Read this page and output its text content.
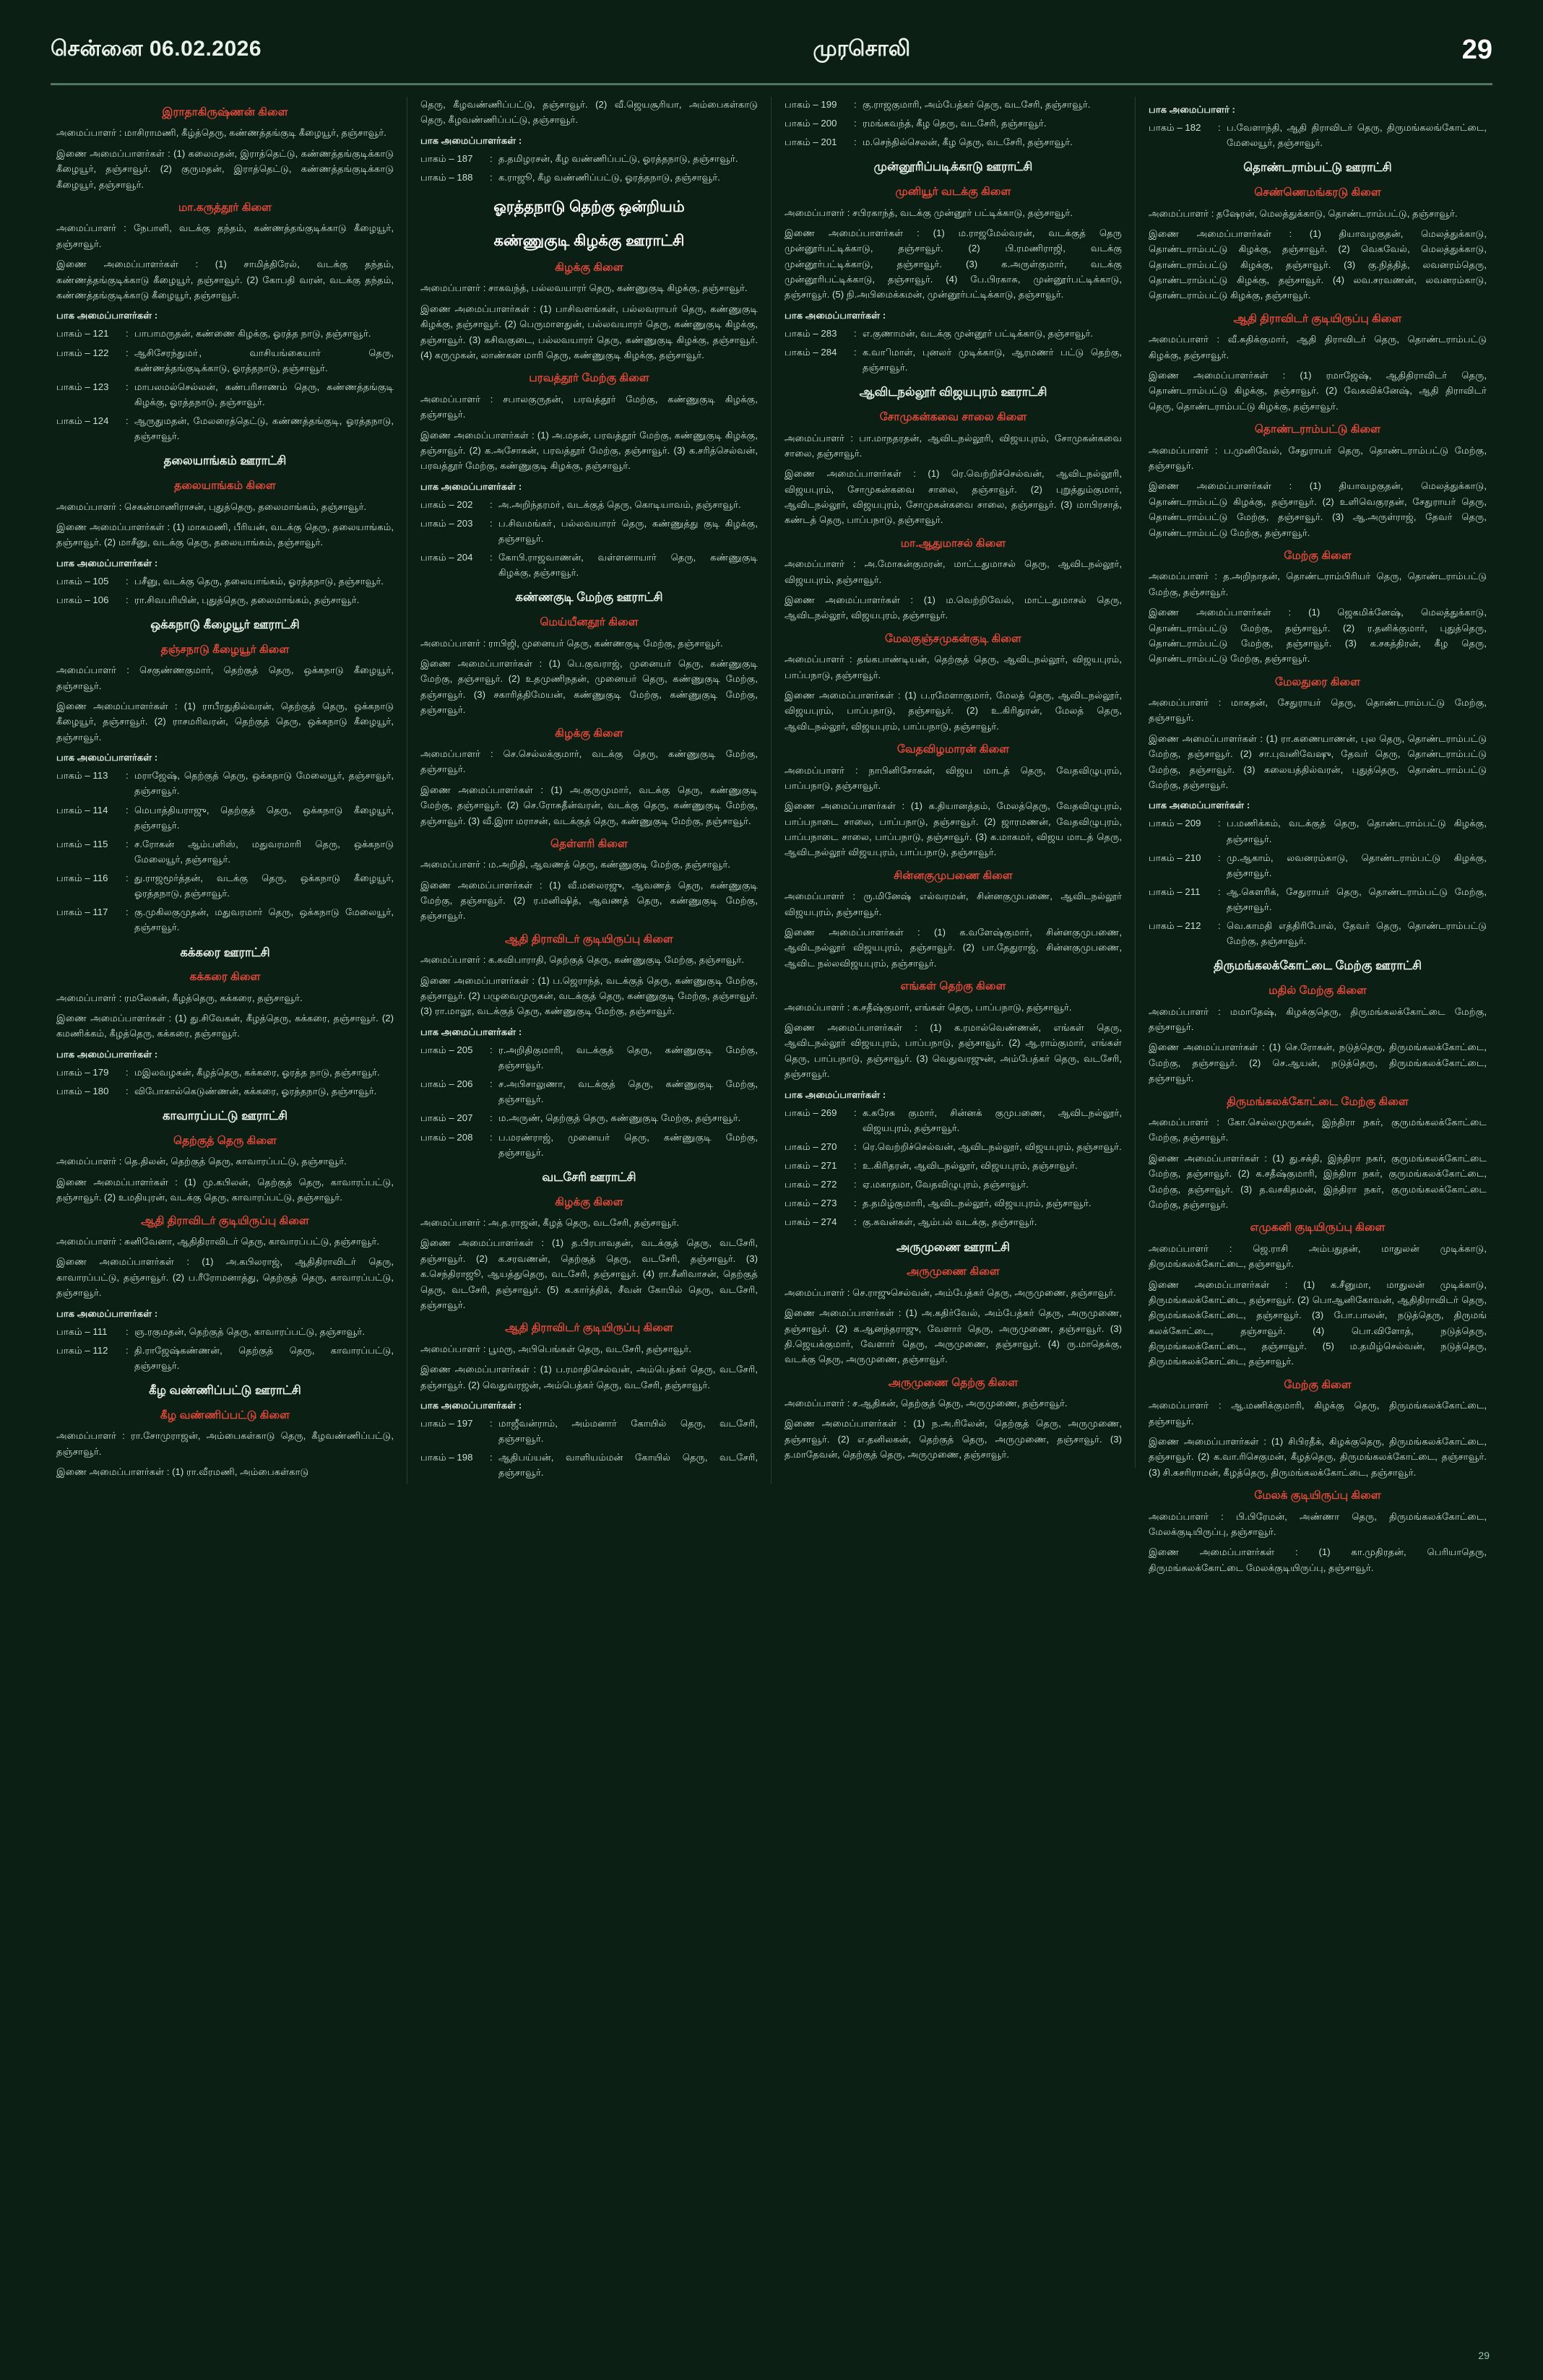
சென்னை 06.02.2026	முரசொலி	29
இராதாகிருஷ்ணன் கிளை
அமைப்பாளர் : மாசிராமணி, கீழ்த்தெரு, கண்ணத்தங்குடி கீழையூர், தஞ்சாவூர்.
இணை அமைப்பாளர்கள் : (1) கலைமதன், இராத்தெட்டு, கண்ணத்தங்குடிக்காடு கீழையூர், தஞ்சாவூர். (2) குருமதன், இராத்தெட்டு, கண்ணத்தங்குடிக்காடு கீழையூர், தஞ்சாவூர்.
மா.கருத்தூர் கிளை
அமைப்பாளர் : நேபாளி, வடக்கு தந்தம், கண்ணத்தங்குடிக்காடு கீழையூர், தஞ்சாவூர்.
இணை அமைப்பாளர்கள் : (1) சாமித்திரேல், வடக்கு தந்தம், கண்ணத்தங்குடிக்காடு கீழையூர், தஞ்சாவூர். (2) கோபதி வரன், வடக்கு தந்தம், கண்ணத்தங்குடிக்காடு கீழையூர், தஞ்சாவூர்.
பாக அமைப்பாளர்கள் :
பாகம் – 121	: பாபாமருதன், கண்ணை கிழக்கு, ஓரத்த நாடு, தஞ்சாவூர்.
பாகம் – 122	: ஆசிசேரந்துமா், வாசியங்கையார் தெரு, கண்ணத்தங்குடிக்காடு, ஓரத்தநாடு, தஞ்சாவூர்.
பாகம் – 123	: மாபலமல்செல்லன், கண்பரிசாணம் தெரு, கண்ணத்தங்குடி கிழக்கு, ஓரத்தநாடு, தஞ்சாவூர்.
பாகம் – 124	: ஆருதுமதன், மேலரைத்தெட்டு, கண்ணத்தங்குடி, ஓரத்தநாடு, தஞ்சாவூர்.
தலையாங்கம் ஊராட்சி
தலையாங்கம் கிளை
அமைப்பாளர் : செகன்மாணிராசன், புதுத்தெரு, தலைமாங்கம், தஞ்சாவூர்.
இணை அமைப்பாளர்கள் : (1) மாசுமணி, பீரியன், வடக்கு தெரு, தலையாங்கம், தஞ்சாவூர். (2) மாசீனு, வடக்கு தெரு, தலையாங்கம், தஞ்சாவூர்.
பாக அமைப்பாளர்கள் :
பாகம் – 105	: பசீனு, வடக்கு தெரு, தலையாங்கம், ஓரத்தநாடு, தஞ்சாவூர்.
பாகம் – 106	: ரா.சிவபரியின், புதுத்தெரு, தலைமாங்கம், தஞ்சாவூர்.
ஒக்கநாடு கீழையூர் ஊராட்சி
தஞ்சநாடு கீழையூர் கிளை
அமைப்பாளர் : செகுண்ணகுமார், தெற்குத் தெரு, ஒக்கநாடு கீழையூர், தஞ்சாவூர்.
இணை அமைப்பாளர்கள் : (1) ராபீரதுதில்வரன், தெற்குத் தெரு, ஒக்கநாடு கீழையூர், தஞ்சாவூர். (2) ராசமரிவரன், தெற்குத் தெரு, ஒக்கநாடு கீழையூர், தஞ்சாவூர்.
பாக அமைப்பாளர்கள் :
பாகம் – 113	: மராஜேஷ், தெற்குத் தெரு, ஒக்கநாடு மேலையூர், தஞ்சாவூர், தஞ்சாவூர்.
பாகம் – 114	: மெபாத்தியராஜு, தெற்குத் தெரு, ஒக்கநாடு கீழையூர், தஞ்சாவூர்.
பாகம் – 115	: ச.ரோகன் ஆம்பளிஸ், மதுவரமாரி தெரு, ஒக்கநாடு மேலையூர், தஞ்சாவூர்.
பாகம் – 116	: து.ராஜமூர்த்தன், வடக்கு தெரு, ஒக்கநாடு கீழையூர், ஓரத்தநாடு, தஞ்சாவூர்.
பாகம் – 117	: கு.முகிலகுமுதன், மதுவரமார் தெரு, ஒக்கநாடு மேலையூர், தஞ்சாவூர்.
கக்கரை ஊராட்சி
கக்கரை கிளை
அமைப்பாளர் : ரமலேகன், கீழத்தெரு, கக்கரை, தஞ்சாவூர்.
இணை அமைப்பாளர்கள் : (1) து.சிவேகன், கீழத்தெரு, கக்கரை, தஞ்சாவூர். (2) கமணிக்கம், கீழத்தெரு, கக்கரை, தஞ்சாவூர்.
பாக அமைப்பாளர்கள் :
பாகம் – 179	: மஇலவழகன், கீழத்தெரு, கக்கரை, ஓரத்த நாடு, தஞ்சாவூர்.
பாகம் – 180	: விபோகால்கெடுண்ணன், கக்கரை, ஓரத்தநாடு, தஞ்சாவூர்.
காவாரப்பட்டு ஊராட்சி
தெற்குத் தெரு கிளை
அமைப்பாளர் : தெ.திலன், தெற்குத் தெரு, காவாரப்பட்டு, தஞ்சாவூர்.
இணை அமைப்பாளர்கள் : (1) மு.கபிலன், தெற்குத் தெரு, காவாரப்பட்டு, தஞ்சாவூர். (2) உமதியுரன், வடக்கு தெரு, காவாரப்பட்டு, தஞ்சாவூர்.
ஆதி திராவிடர் குடியிருப்பு கிளை
அமைப்பாளர் : சுனிவேனா, ஆதிதிராவிடர் தெரு, காவாரப்பட்டு, தஞ்சாவூர்.
இணை அமைப்பாளர்கள் : (1) அ.கபிலராஜ், ஆதிதிராவிடர் தெரு, காவாரப்பட்டு, தஞ்சாவூர். (2) ப.ரீரோமனாத்து, தெற்குத் தெரு, காவாரப்பட்டு, தஞ்சாவூர்.
பாக அமைப்பாளர்கள் :
பாகம் – 111	: ஞ.ரகுமதன், தெற்குத் தெரு, காவாரப்பட்டு, தஞ்சாவூர்.
பாகம் – 112	: தி.ராஜேஷ்கண்ணன், தெற்குத் தெரு, காவாரப்பட்டு, தஞ்சாவூர்.
கீழ வண்ணிப்பட்டு ஊராட்சி
கீழ வண்ணிப்பட்டு கிளை
அமைப்பாளர் : ரா.சோமுராஜன், அம்பைகள்காடு தெரு, கீழவண்ணிப்பட்டு, தஞ்சாவூர்.
இணை அமைப்பாளர்கள் : (1) ரா.வீரமணி, அம்பைகள்காடு
தெரு, கீழவண்ணிப்பட்டு, தஞ்சாவூர். (2) வீ.ஜெயசூரியா, அம்பைகள்காடு தெரு, கீழவண்ணிப்பட்டு, தஞ்சாவூர்.
பாக அமைப்பாளர்கள் :
பாகம் – 187	: த.தமிழரசன், கீழ வண்ணிப்பட்டு, ஓரத்தநாடு, தஞ்சாவூர்.
பாகம் – 188	: க.ராஜூ, கீழ வண்ணிப்பட்டு, ஓரத்தநாடு, தஞ்சாவூர்.
ஓரத்தநாடு தெற்கு ஒன்றியம்
கண்ணுகுடி கிழக்கு ஊராட்சி
கிழக்கு கிளை
அமைப்பாளர் : சாகவந்த், பல்லவயாரர் தெரு, கண்ணுகுடி கிழக்கு, தஞ்சாவூர்.
இணை அமைப்பாளர்கள் : (1) பாசிவளங்கள், பல்லவராயர் தெரு, கண்ணுகுடி கிழக்கு, தஞ்சாவூர். (2) பெருமாளதுன், பல்லவயாரர் தெரு, கண்ணுகுடி கிழக்கு, தஞ்சாவூர். (3) கசிவகுடை, பல்லவயாரர் தெரு, கண்ணுகுடி கிழக்கு, தஞ்சாவூர். (4) கருமுகன், லாண்கன மாரி தெரு, கண்ணுகுடி கிழக்கு, தஞ்சாவூர்.
பரவத்தூர் மேற்கு கிளை
அமைப்பாளர் : சபாலகுருதன், பரவத்தூர் மேற்கு, கண்ணுகுடி கிழக்கு, தஞ்சாவூர்.
இணை அமைப்பாளர்கள் : (1) அ.மதன், பரவத்தூர் மேற்கு, கண்ணுகுடி கிழக்கு, தஞ்சாவூர். (2) க.அசோகன், பரவத்தூர் மேற்கு, தஞ்சாவூர். (3) க.சரித்செல்வன், பரவத்தூர் மேற்கு, கண்ணுகுடி கிழக்கு, தஞ்சாவூர்.
பாக அமைப்பாளர்கள் :
பாகம் – 202	: அ.அறிந்தரமா், வடக்குத் தெரு, கொடியாவம், தஞ்சாவூர்.
பாகம் – 203	: ப.சிவமங்கா், பல்லவயாரர் தெரு, கண்ணுத்து குடி கிழக்கு, தஞ்சாவூர்.
பாகம் – 204	: கோபி.ராஜவாணன், வள்ளனாயார் தெரு, கண்ணுகுடி கிழக்கு, தஞ்சாவூர்.
கண்ணகுடி மேற்கு ஊராட்சி
மெய்யீனதூர் கிளை
அமைப்பாளர் : ராபிஜி, முனையர் தெரு, கண்ணகுடி மேற்கு, தஞ்சாவூர்.
இணை அமைப்பாளர்கள் : (1) பெ.குவராஜ், முனையர் தெரு, கண்ணுகுடி மேற்கு, தஞ்சாவூர். (2) உதமுணிநதன், முனையர் தெரு, கண்ணுகுடி மேற்கு, தஞ்சாவூர். (3) சகாரித்திமேயன், கண்ணுகுடி மேற்கு, கண்ணுகுடி மேற்கு, தஞ்சாவூர்.
கிழக்கு கிளை
அமைப்பாளர் : செ.செல்லக்குமார், வடக்கு தெரு, கண்ணுகுடி மேற்கு, தஞ்சாவூர்.
இணை அமைப்பாளர்கள் : (1) அ.குருமுமார், வடக்கு தெரு, கண்ணுகுடி மேற்கு, தஞ்சாவூர். (2) செ.ரோசுதீன்வரன், வடக்கு தெரு, கண்ணுகுடி மேற்கு, தஞ்சாவூர். (3) வீ.இரா மராசன், வடக்குத் தெரு, கண்ணுகுடி மேற்கு, தஞ்சாவூர்.
தெள்ளரி கிளை
அமைப்பாளர் : ம.அறிதி, ஆவணத் தெரு, கண்ணுகுடி மேற்கு, தஞ்சாவூர்.
இணை அமைப்பாளர்கள் : (1) வீ.மலைரஜு, ஆவணத் தெரு, கண்ணுகுடி மேற்கு, தஞ்சாவூர். (2) ர.மனிஷித், ஆவணத் தெரு, கண்ணுகுடி மேற்கு, தஞ்சாவூர்.
ஆதி திராவிடர் குடியிருப்பு கிளை
அமைப்பாளர் : க.கவிபாராதி, தெற்குத் தெரு, கண்ணுகுடி மேற்கு, தஞ்சாவூர்.
இணை அமைப்பாளர்கள் : (1) ப.ஜெராந்த், வடக்குத் தெரு, கண்ணுகுடி மேற்கு, தஞ்சாவூர். (2) பழுவைமுருகன், வடக்குத் தெரு, கண்ணுகுடி மேற்கு, தஞ்சாவூர். (3) ரா.மாலூ, வடக்குத் தெரு, கண்ணுகுடி மேற்கு, தஞ்சாவூர்.
பாக அமைப்பாளர்கள் :
பாகம் – 205	: ர.அறிதிகுமாரி, வடக்குத் தெரு, கண்ணுகுடி மேற்கு, தஞ்சாவூர்.
பாகம் – 206	: ச.அபிசாலுணா, வடக்குத் தெரு, கண்ணுகுடி மேற்கு, தஞ்சாவூர்.
பாகம் – 207	: ம.அருண், தெற்குத் தெரு, கண்ணுகுடி மேற்கு, தஞ்சாவூர்.
பாகம் – 208	: ப.மரண்ராஜ், முனையர் தெரு, கண்ணுகுடி மேற்கு, தஞ்சாவூர்.
வடசேரி ஊராட்சி
கிழக்கு கிளை
அமைப்பாளர் : அ.த.ராஜன், கீழத் தெரு, வடசேரி, தஞ்சாவூர்.
இணை அமைப்பாளர்கள் : (1) த.பிரபாவதன், வடக்குத் தெரு, வடசேரி, தஞ்சாவூர். (2) க.சரவணன், தெற்குத் தெரு, வடசேரி, தஞ்சாவூர். (3) க.செந்திராஜூ, ஆயத்துதெரு, வடசேரி, தஞ்சாவூர். (4) ரா.சீனிவாசன், தெற்குத் தெரு, வடசேரி, தஞ்சாவூர். (5) க.கார்த்திக், சீவன் கோபில் தெரு, வடசேரி, தஞ்சாவூர்.
ஆதி திராவிடர் குடியிருப்பு கிளை
அமைப்பாளர் : பூமரு, அபிபெங்கள் தெரு, வடசேரி, தஞ்சாவூர்.
இணை அமைப்பாளர்கள் : (1) ப.ரமாதிசெல்வன், அம்பெத்கர் தெரு, வடசேரி, தஞ்சாவூர். (2) வெதுவரஜன், அம்பெத்கர் தெரு, வடசேரி, தஞ்சாவூர்.
பாக அமைப்பாளர்கள் :
பாகம் – 197	: மாஜீவன்ராம், அம்மனார் கோயில் தெரு, வடசேரி, தஞ்சாவூர்.
பாகம் – 198	: ஆதிபய்யன், வாளியம்மன் கோயில் தெரு, வடசேரி, தஞ்சாவூர்.
பாகம் – 199	: கு.ராஜகுமாரி, அம்பேத்கர் தெரு, வடசேரி, தஞ்சாவூர்.
பாகம் – 200	: ரமங்கவந்த், கீழ தெரு, வடசேரி, தஞ்சாவூர்.
பாகம் – 201	: ம.செந்தில்செலன், கீழ தெரு, வடசேரி, தஞ்சாவூர்.
முன்னூரிப்படிக்காடு ஊராட்சி
முனியூர் வடக்கு கிளை
அமைப்பாளர் : சபிரகாந்த், வடக்கு முன்னூர் பட்டிக்காடு, தஞ்சாவூர்.
இணை அமைப்பாளர்கள் : (1) ம.ராஜமேல்வரன், வடக்குத் தெரு முன்னூர்பட்டிக்காடு, தஞ்சாவூர். (2) பி.ரமணிராஜி, வடக்கு முன்னூர்பட்டிக்காடு, தஞ்சாவூர். (3) க.அருள்குமார், வடக்கு முன்னூரிபட்டிக்காடு, தஞ்சாவூர். (4) பே.பிரகாசு, முன்னூர்பட்டிக்காடு, தஞ்சாவூர். (5) நி.அபிமைக்கமன், முன்னூர்பட்டிக்காடு, தஞ்சாவூர்.
பாக அமைப்பாளர்கள் :
பாகம் – 283	: எ.குணாமன், வடக்கு முன்னூர் பட்டிக்காடு, தஞ்சாவூர்.
பாகம் – 284	: க.வாிமாள், புனலர் முடிக்காடு, ஆரமணர் பட்டு தெற்கு, தஞ்சாவூர்.
ஆவிடநல்லூர் விஜயபுரம் ஊராட்சி
சோமுகன்கவை சாலை கிளை
அமைப்பாளர் : பா.மாநதரதன், ஆவிடநல்லூரி, விஜயபுரம், சோமுகன்கவை சாலை, தஞ்சாவூர்.
இணை அமைப்பாளர்கள் : (1) ரெ.வெற்றிச்செல்வன், ஆவிடநல்லூரி, விஜயபுரம், சோமுகன்கவை சாலை, தஞ்சாவூர். (2) புறுத்தும்குமார், ஆவிடநல்லூர், விஜயபுரம், சோமுகன்கவை சாலை, தஞ்சாவூர். (3) மாபிரசாத், கண்டத் தெரு, பாப்பநாடு, தஞ்சாவூர்.
மா.ஆதுமாசல் கிளை
அமைப்பாளர் : அ.மோகன்குமரன், மாட்டதுமாசல் தெரு, ஆவிடநல்லூர், விஜயபுரம், தஞ்சாவூர்.
இணை அமைப்பாளர்கள் : (1) ம.வெற்றிவேல், மாட்டதுமாசல் தெரு, ஆவிடநல்லூர், விஜயபுரம், தஞ்சாவூர்.
மேலகுஞ்சமுகன்குடி கிளை
அமைப்பாளர் : தங்கபாண்டியன், தெற்குத் தெரு, ஆவிடநல்லூர், விஜயபுரம், பாப்பநாடு, தஞ்சாவூர்.
இணை அமைப்பாளர்கள் : (1) ப.ரமேளாகுமார், மேலத் தெரு, ஆவிடநல்லூர், விஜயபுரம், பாப்பநாடு, தஞ்சாவூர். (2) உ.கிரிதுரன், மேலத் தெரு, ஆவிடநல்லூர், விஜயபுரம், பாப்பநாடு, தஞ்சாவூர்.
வேதவிழமாரன் கிளை
அமைப்பாளர் : நாபினிசோகன், விஜய மாடத் தெரு, வேதவிழுபுரம், பாப்பநாடு, தஞ்சாவூர்.
இணை அமைப்பாளர்கள் : (1) க.தியானத்தம், மேலத்தெரு, வேதவிழுபுரம், பாப்பநாடை சாலை, பாப்பநாடு, தஞ்சாவூர். (2) ஜாரமணன், வேதவிழுபுரம், பாப்பநாடை சாலை, பாப்பநாடு, தஞ்சாவூர். (3) க.மாகமர், விஜய மாடத் தெரு, ஆவிடநல்லூர் விஜயபுரம், பாப்பநாடு, தஞ்சாவூர்.
சின்னகுமுபணை கிளை
அமைப்பாளர் : ரு.மினேஷ் எல்வரமன், சின்னகுமுபணை, ஆவிடநல்லூர் விஜயபுரம், தஞ்சாவூர்.
இணை அமைப்பாளர்கள் : (1) க.வளேஷ்குமார், சின்னகுமுபணை, ஆவிடநல்லூர் விஜயபுரம், தஞ்சாவூர். (2) பா.தேதுராஜ், சின்னகுமுபணை, ஆவிட நல்லவிஜயபுரம், தஞ்சாவூர்.
எங்கள் தெற்கு கிளை
அமைப்பாளர் : க.சதீஷ்குமார், எங்கள் தெரு, பாப்பநாடு, தஞ்சாவூர்.
இணை அமைப்பாளர்கள் : (1) க.ரமால்வெண்ணன், எங்கள் தெரு, ஆவிடநல்லூர் விஜயபுரம், பாப்பநாடு, தஞ்சாவூர். (2) ஆ.ராம்குமார், எங்கள் தெரு, பாப்பநாடு, தஞ்சாவூர். (3) வெதுவரஜுன், அம்பேத்கர் தெரு, வடசேரி, தஞ்சாவூர்.
பாக அமைப்பாளர்கள் :
பாகம் – 269	: க.கரேசு குமார், சின்னக் குமுபணை, ஆவிடநல்லூர், விஜயபுரம், தஞ்சாவூர்.
பாகம் – 270	: ரெ.வெற்றிச்செல்வன், ஆவிடநல்லூர், விஜயபுரம், தஞ்சாவூர்.
பாகம் – 271	: உ.கிரிதரன், ஆவிடநல்லூர், விஜயபுரம், தஞ்சாவூர்.
பாகம் – 272	: ஏ.மகாதமா, வேதவிழுபுரம், தஞ்சாவூர்.
பாகம் – 273	: த.தமிழ்குமாரி, ஆவிடநல்லூர், விஜயபுரம், தஞ்சாவூர்.
பாகம் – 274	: கு.கவன்கள், ஆம்பல் வடக்கு, தஞ்சாவூர்.
அருமுணை ஊராட்சி
அருமுணை கிளை
அமைப்பாளர் : செ.ராஜுசெல்வன், அம்பேத்கர் தெரு, அருமுணை, தஞ்சாவூர்.
இணை அமைப்பாளர்கள் : (1) அ.கதிர்வேல், அம்பேத்கர் தெரு, அருமுணை, தஞ்சாவூர். (2) க.ஆனந்தராஜு, வேளார் தெரு, அருமுணை, தஞ்சாவூர். (3) தி.ஜெயக்குமார், வேளார் தெரு, அருமுணை, தஞ்சாவூர். (4) ரு.மாதெக்கு, வடக்கு தெரு, அருமுணை, தஞ்சாவூர்.
அருமுணை தெற்கு கிளை
அமைப்பாளர் : ச.ஆதிகன், தெற்குத் தெரு, அருமுணை, தஞ்சாவூர்.
இணை அமைப்பாளர்கள் : (1) ந.அ.ரிலேன், தெற்குத் தெரு, அருமுணை, தஞ்சாவூர். (2) எ.தனிலகன், தெற்குத் தெரு, அருமுணை, தஞ்சாவூர். (3) த.மாதேவன், தெற்குத் தெரு, அருமுணை, தஞ்சாவூர்.
பாக அமைப்பாளர் :
பாகம் – 182	: ப.வேளாந்தி, ஆதி திராவிடர் தெரு, திருமங்கலங்கோட்டை, மேலையூர், தஞ்சாவூர்.
தொண்டராம்பட்டு ஊராட்சி
செண்ணெமங்கரடு கிளை
அமைப்பாளர் : தஷேரன், மெலத்துக்காடு, தொண்டராம்பட்டு, தஞ்சாவூர்.
இணை அமைப்பாளர்கள் : (1) தியாவழகுதன், மெலத்துக்காடு, தொண்டராம்பட்டு கிழக்கு, தஞ்சாவூர். (2) வெகவேல், மெலத்துக்காடு, தொண்டராம்பட்டு கிழக்கு, தஞ்சாவூர். (3) கு.நித்தித், லவனரம்தெரு, தொண்டராம்பட்டு கிழக்கு, தஞ்சாவூர். (4) லவ.சரவணன், லவனரம்காடு, தொண்டராம்பட்டு கிழக்கு, தஞ்சாவூர்.
ஆதி திராவிடர் குடியிருப்பு கிளை
அமைப்பாளர் : வீ.சுதிக்குமார், ஆதி திராவிடர் தெரு, தொண்டராம்பட்டு கிழக்கு, தஞ்சாவூர்.
இணை அமைப்பாளர்கள் : (1) ரமாஜேஷ், ஆதிதிராவிடர் தெரு, தொண்டராம்பட்டு கிழக்கு, தஞ்சாவூர். (2) வேகவிக்னேஷ், ஆதி திராவிடர் தெரு, தொண்டராம்பட்டு கிழக்கு, தஞ்சாவூர்.
தொண்டராம்பட்டு கிளை
அமைப்பாளர் : ப.முனிவேல், சேதுராயர் தெரு, தொண்டராம்பட்டு மேற்கு, தஞ்சாவூர்.
இணை அமைப்பாளர்கள் : (1) தியாவழகுதன், மெலத்துக்காடு, தொண்டராம்பட்டு கிழக்கு, தஞ்சாவூர். (2) உளிவெகுரதன், சேதுராயர் தெரு, தொண்டராம்பட்டு மேற்கு, தஞ்சாவூர். (3) ஆ.அருள்ராஜ், தேவர் தெரு, தொண்டராம்பட்டு மேற்கு, தஞ்சாவூர்.
மேற்கு கிளை
அமைப்பாளர் : த.அறிநாதன், தொண்டராம்பிரியர் தெரு, தொண்டராம்பட்டு மேற்கு, தஞ்சாவூர்.
இணை அமைப்பாளர்கள் : (1) ஜெகமிக்னேஷ், மெலத்துக்காடு, தொண்டராம்பட்டு மேற்கு, தஞ்சாவூர். (2) ர.தனிக்குமார், புதுத்தெரு, தொண்டராம்பட்டு மேற்கு, தஞ்சாவூர். (3) க.சகத்திரன், கீழ தெரு, தொண்டராம்பட்டு மேற்கு, தஞ்சாவூர்.
மேலதுரை கிளை
அமைப்பாளர் : மாகதன், சேதுராயர் தெரு, தொண்டராம்பட்டு மேற்கு, தஞ்சாவூர்.
இணை அமைப்பாளர்கள் : (1) ரா.கணையாணன், புல தெரு, தொண்டராம்பட்டு மேற்கு, தஞ்சாவூர். (2) சா.புவனிவேஷு, தேவர் தெரு, தொண்டராம்பட்டு மேற்கு, தஞ்சாவூர். (3) கலையத்தில்வரன், புதுத்தெரு, தொண்டராம்பட்டு மேற்கு, தஞ்சாவூர்.
பாக அமைப்பாளர்கள் :
பாகம் – 209	: ப.மணிக்கம், வடக்குத் தெரு, தொண்டராம்பட்டு கிழக்கு, தஞ்சாவூர்.
பாகம் – 210	: மு.ஆகாம், லவனரம்காடு, தொண்டராம்பட்டு கிழக்கு, தஞ்சாவூர்.
பாகம் – 211	: ஆ.கெளரிக், சேதுராயர் தெரு, தொண்டராம்பட்டு மேற்கு, தஞ்சாவூர்.
பாகம் – 212	: வெ.காமதி எத்திரிபோல், தேவர் தெரு, தொண்டராம்பட்டு மேற்கு, தஞ்சாவூர்.
திருமங்கலக்கோட்டை மேற்கு ஊராட்சி
மதில் மேற்கு கிளை
அமைப்பாளர் : மமாதேஷ், கிழக்குதெரு, திருமங்கலக்கோட்டை மேற்கு, தஞ்சாவூர்.
இணை அமைப்பாளர்கள் : (1) செ.ரோகன், நடுத்தெரு, திருமங்கலக்கோட்டை, மேற்கு, தஞ்சாவூர். (2) செ.ஆயன், நடுத்தெரு, திருமங்கலக்கோட்டை, தஞ்சாவூர்.
திருமங்கலக்கோட்டை மேற்கு கிளை
அமைப்பாளர் : கோ.செல்லமுருகன், இந்திரா நகர், குருமங்கலக்கோட்டை மேற்கு, தஞ்சாவூர்.
இணை அமைப்பாளர்கள் : (1) து.சக்தி, இந்திரா நகர், குருமங்கலக்கோட்டை மேற்கு, தஞ்சாவூர். (2) க.சதீஷ்குமாரி, இந்திரா நகர், குருமங்கலக்கோட்டை, மேற்கு, தஞ்சாவூர். (3) த.வசகிதமன், இந்திரா நகர், குருமங்கலக்கோட்டை மேற்கு, தஞ்சாவூர்.
எமுகனி குடியிருப்பு கிளை
அமைப்பாளர் : ஜெ.ராசி அம்பதுதன், மாதுலன் முடிக்காடு, திருமங்கலக்கோட்டை, தஞ்சாவூர்.
இணை அமைப்பாளர்கள் : (1) க.சீனுமா, மாதுலன் முடிக்காடு, திருமங்கலக்கோட்டை, தஞ்சாவூர். (2) பொஆனிகோவன், ஆதிதிராவிடர் தெரு, திருமங்கலக்கோட்டை, தஞ்சாவூர். (3) போ.பாலன், நடுத்தெரு, திருமங் கலக்கோட்டை, தஞ்சாவூர். (4) பொ.விளோத், நடுத்தெரு, திருமங்கலக்கோட்டை, தஞ்சாவூர். (5) ம.தமிழ்செல்வன், நடுத்தெரு, திருமங்கலக்கோட்டை, தஞ்சாவூர்.
மேற்கு கிளை
அமைப்பாளர் : ஆ.மணிக்குமாரி, கிழக்கு தெரு, திருமங்கலக்கோட்டை, தஞ்சாவூர்.
இணை அமைப்பாளர்கள் : (1) சிபிரதீக், கிழக்குதெரு, திருமங்கலக்கோட்டை, தஞ்சாவூர். (2) க.வா.ரிசெகுமன், கீழத்தெரு, திருமங்கலக்கோட்டை, தஞ்சாவூர். (3) சி.கசரிராமன், கீழத்தெரு, திருமங்கலக்கோட்டை, தஞ்சாவூர்.
மேலக் குடியிருப்பு கிளை
அமைப்பாளர் : பி.பிரேமன், அண்ணா தெரு, திருமங்கலக்கோட்டை, மேலக்குடியிருப்பு, தஞ்சாவூர்.
இணை அமைப்பாளர்கள் : (1) கா.முதிரதன், பெரியாதெரு, திருமங்கலக்கோட்டை மேலக்குடியிருப்பு, தஞ்சாவூர்.
29
